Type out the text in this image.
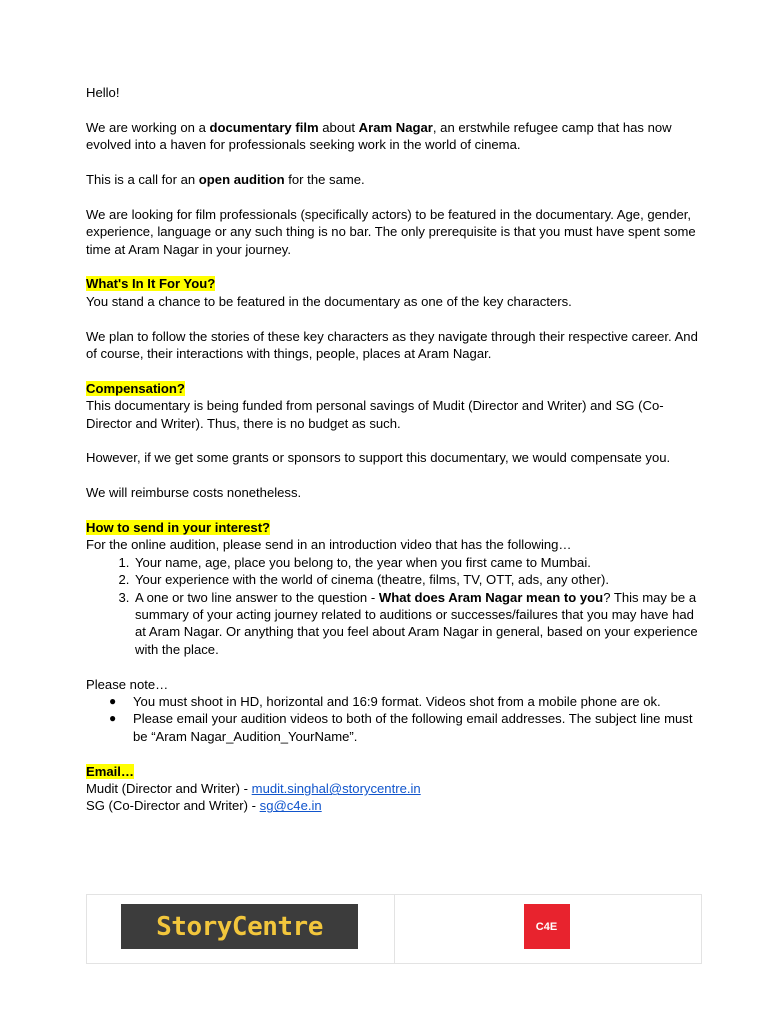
Hello!

We are working on a documentary film about Aram Nagar, an erstwhile refugee camp that has now evolved into a haven for professionals seeking work in the world of cinema.

This is a call for an open audition for the same.

We are looking for film professionals (specifically actors) to be featured in the documentary. Age, gender, experience, language or any such thing is no bar. The only prerequisite is that you must have spent some time at Aram Nagar in your journey.

What's In It For You?

You stand a chance to be featured in the documentary as one of the key characters.

We plan to follow the stories of these key characters as they navigate through their respective career. And of course, their interactions with things, people, places at Aram Nagar.

Compensation?

This documentary is being funded from personal savings of Mudit (Director and Writer) and SG (Co-Director and Writer). Thus, there is no budget as such.

However, if we get some grants or sponsors to support this documentary, we would compensate you.

We will reimburse costs nonetheless.

How to send in your interest?

For the online audition, please send in an introduction video that has the following…

1. Your name, age, place you belong to, the year when you first came to Mumbai.
2. Your experience with the world of cinema (theatre, films, TV, OTT, ads, any other).
3. A one or two line answer to the question - What does Aram Nagar mean to you? This may be a summary of your acting journey related to auditions or successes/failures that you may have had at Aram Nagar. Or anything that you feel about Aram Nagar in general, based on your experience with the place.

Please note…

● You must shoot in HD, horizontal and 16:9 format. Videos shot from a mobile phone are ok.
● Please email your audition videos to both of the following email addresses. The subject line must be “Aram Nagar_Audition_YourName”.

Email…

Mudit (Director and Writer) - mudit.singhal@storycentre.in

SG (Co-Director and Writer) - sg@c4e.in

StoryCentre	C4E
